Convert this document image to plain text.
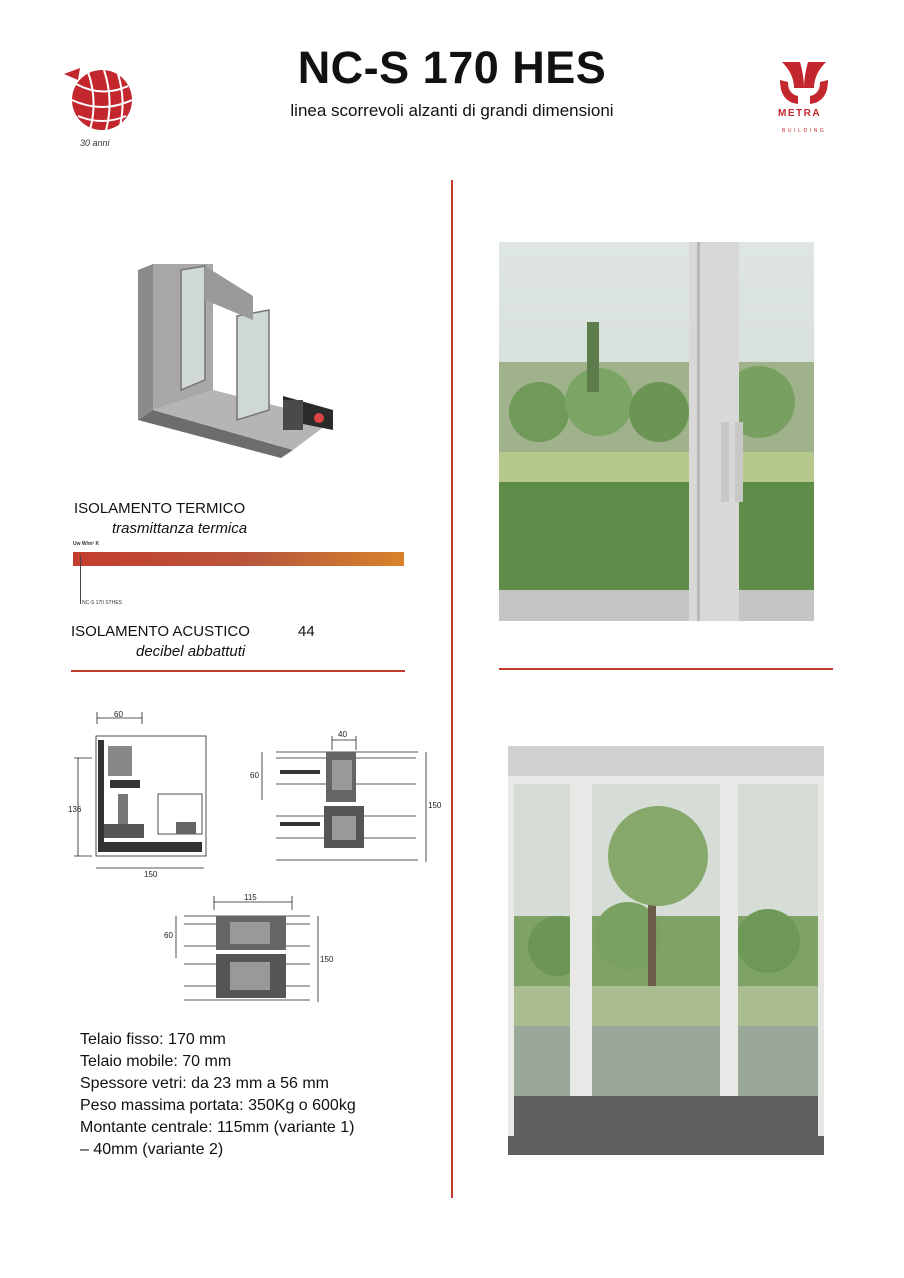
NC-S 170 HES
linea scorrevoli alzanti di grandi dimensioni
30 anni
METRA
BUILDING
ISOLAMENTO TERMICO
trasmittanza termica
Uw W/m² K
NC-S 170 STHES
ISOLAMENTO ACUSTICO	44
decibel abbattuti
60
136
150
40
60
150
115
60
150
Telaio fisso: 170 mm
Telaio mobile: 70 mm
Spessore vetri: da 23 mm a 56 mm
Peso massima portata: 350Kg o 600kg
Montante centrale: 115mm (variante 1)
– 40mm (variante 2)
